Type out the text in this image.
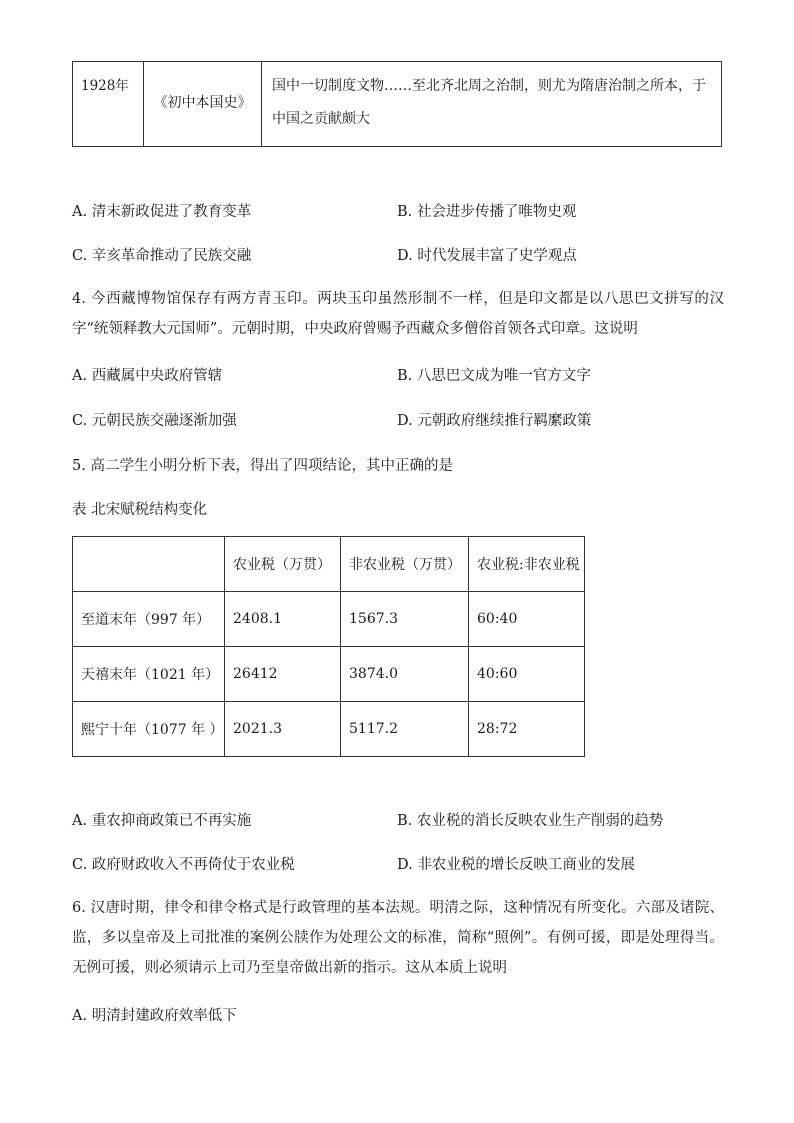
1928年	《初中本国史》	国中一切制度文物……至北齐北周之治制，则尤为隋唐治制之所本，于中国之贡献颇大
A. 清末新政促进了教育变革	B. 社会进步传播了唯物史观
C. 辛亥革命推动了民族交融	D. 时代发展丰富了史学观点
4. 今西藏博物馆保存有两方青玉印。两块玉印虽然形制不一样，但是印文都是以八思巴文拼写的汉字“统领释教大元国师”。元朝时期，中央政府曾赐予西藏众多僧俗首领各式印章。这说明
A. 西藏属中央政府管辖	B. 八思巴文成为唯一官方文字
C. 元朝民族交融逐渐加强	D. 元朝政府继续推行羁縻政策
5. 高二学生小明分析下表，得出了四项结论，其中正确的是
表 北宋赋税结构变化
	农业税（万贯）	非农业税（万贯）	农业税:非农业税
至道末年（997 年）	2408.1	1567.3	60:40
天禧末年（1021 年）	26412	3874.0	40:60
熙宁十年（1077 年 ）	2021.3	5117.2	28:72
A. 重农抑商政策已不再实施	B. 农业税的消长反映农业生产削弱的趋势
C. 政府财政收入不再倚仗于农业税	D. 非农业税的增长反映工商业的发展
6. 汉唐时期，律令和律令格式是行政管理的基本法规。明清之际，这种情况有所变化。六部及诸院、监，多以皇帝及上司批准的案例公牍作为处理公文的标准，简称“照例”。有例可援，即是处理得当。无例可援，则必须请示上司乃至皇帝做出新的指示。这从本质上说明
A. 明清封建政府效率低下
